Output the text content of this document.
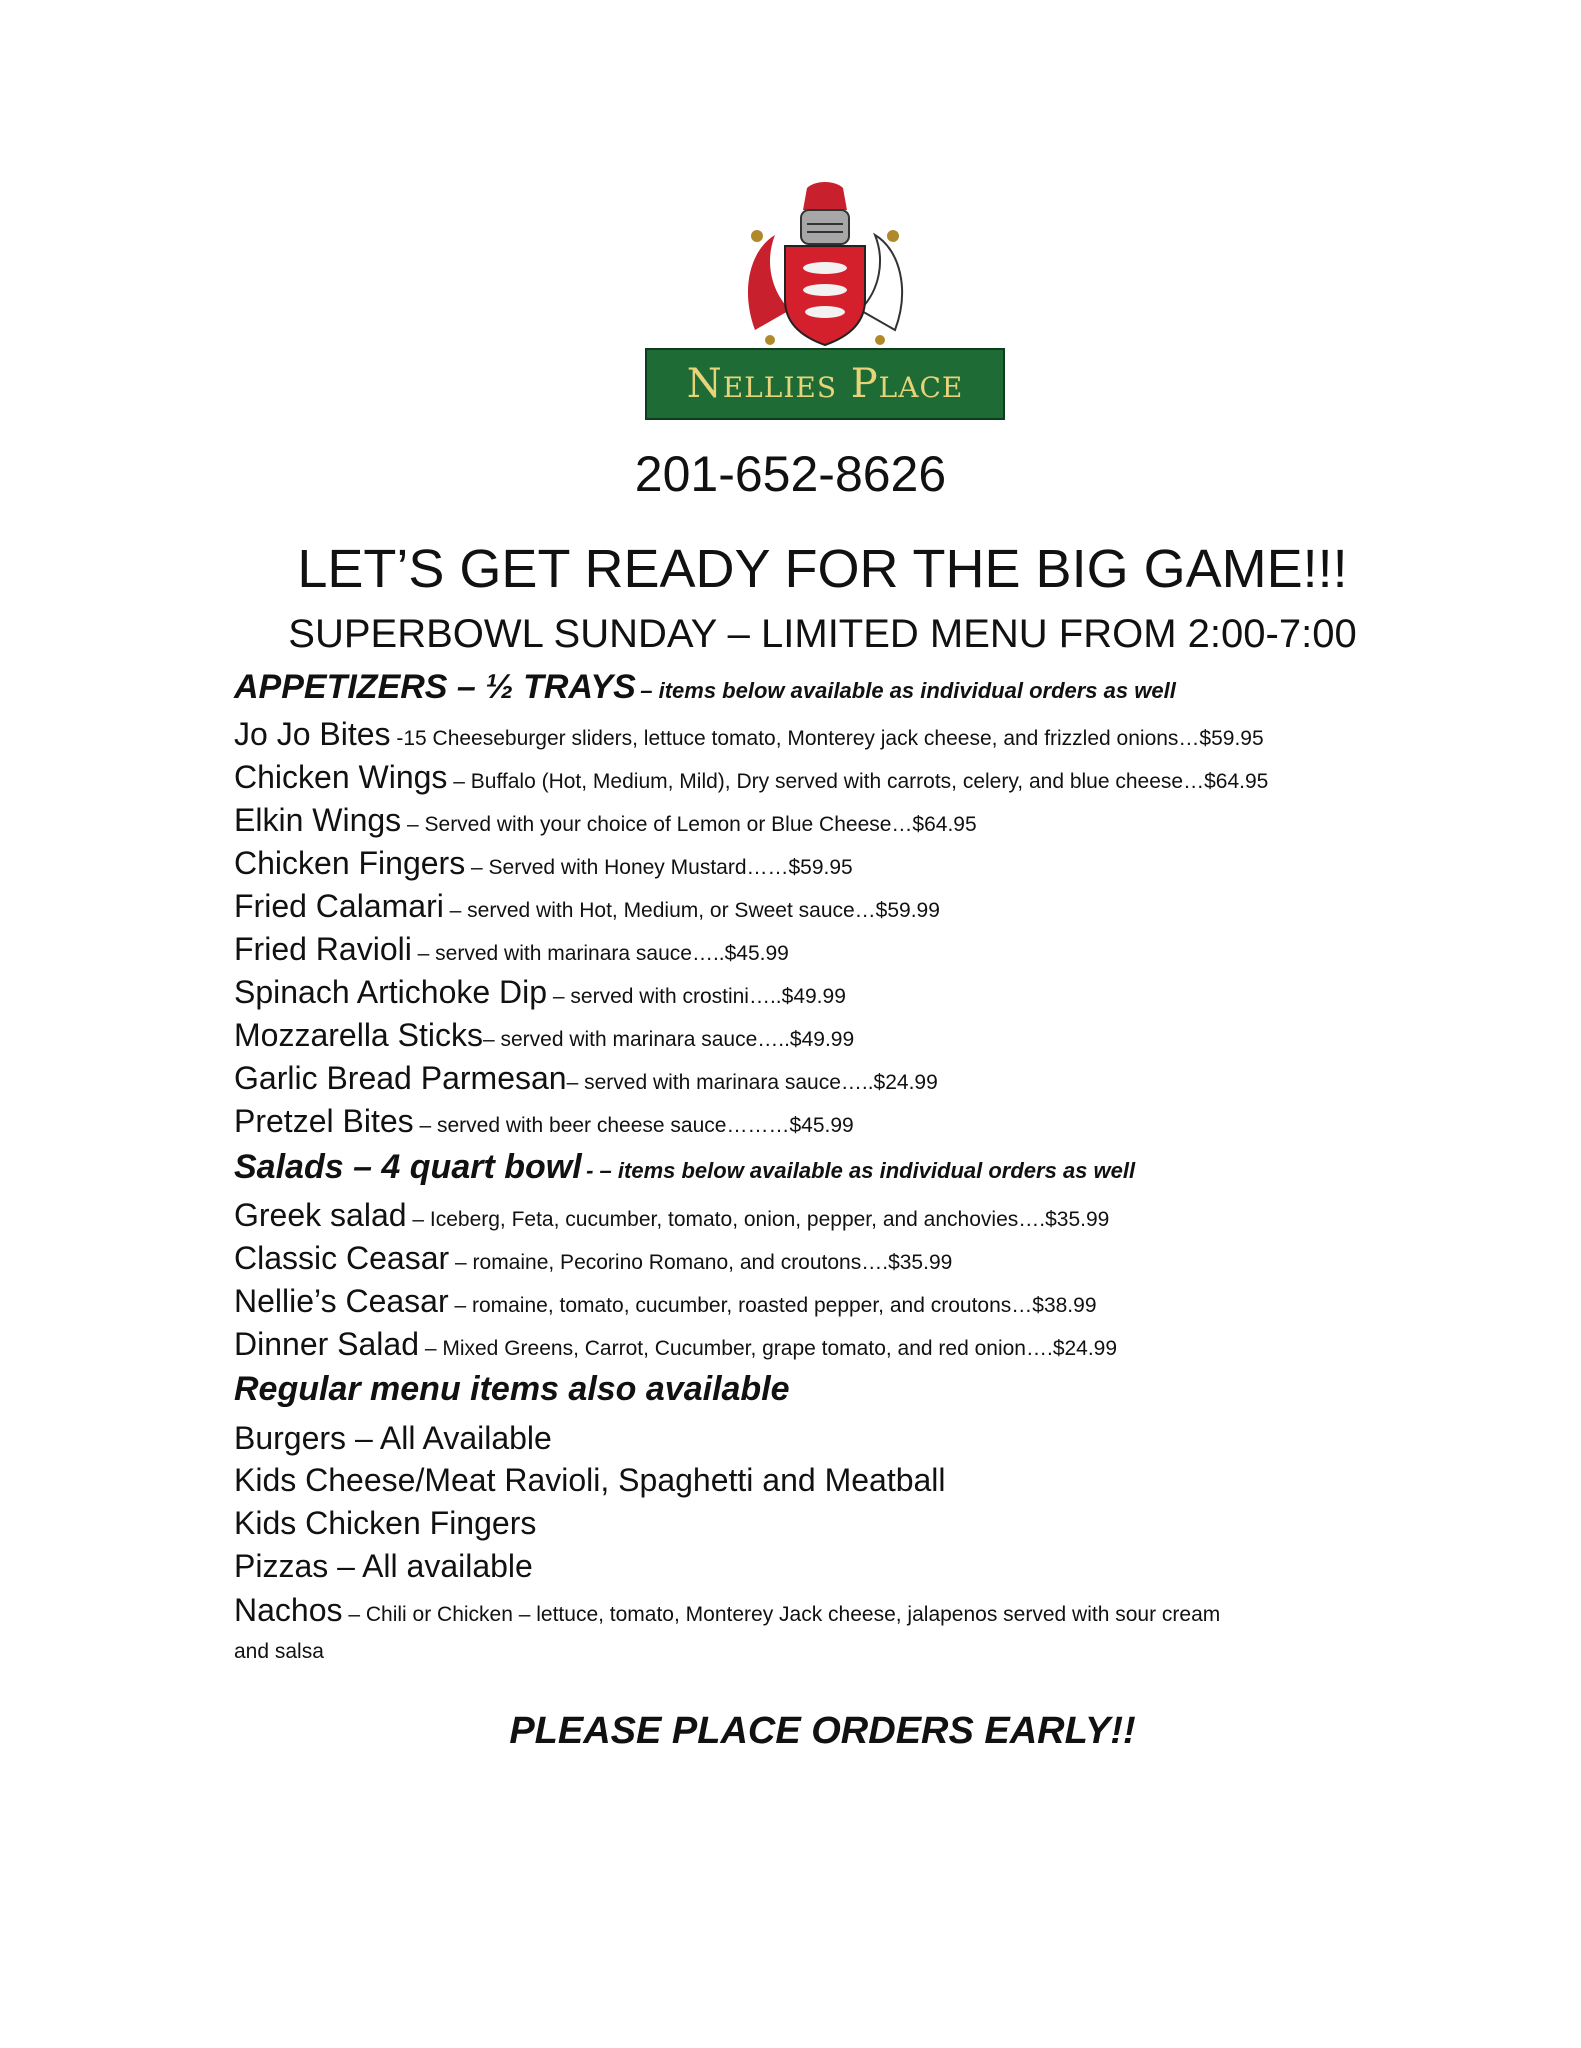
Nellies Place
201-652-8626
LET’S GET READY FOR THE BIG GAME!!!
SUPERBOWL SUNDAY – LIMITED MENU FROM 2:00-7:00
APPETIZERS – ½ TRAYS – items below available as individual orders as well
Jo Jo Bites -15 Cheeseburger sliders, lettuce tomato, Monterey jack cheese, and frizzled onions…$59.95
Chicken Wings – Buffalo (Hot, Medium, Mild), Dry served with carrots, celery, and blue cheese…$64.95
Elkin Wings – Served with your choice of Lemon or Blue Cheese…$64.95
Chicken Fingers – Served with Honey Mustard……$59.95
Fried Calamari – served with Hot, Medium, or Sweet sauce…$59.99
Fried Ravioli – served with marinara sauce…..$45.99
Spinach Artichoke Dip – served with crostini…..$49.99
Mozzarella Sticks– served with marinara sauce…..$49.99
Garlic Bread Parmesan– served with marinara sauce…..$24.99
Pretzel Bites – served with beer cheese sauce………$45.99
Salads – 4 quart bowl - – items below available as individual orders as well
Greek salad – Iceberg, Feta, cucumber, tomato, onion, pepper, and anchovies….$35.99
Classic Ceasar – romaine, Pecorino Romano, and croutons….$35.99
Nellie’s Ceasar – romaine, tomato, cucumber, roasted pepper, and croutons…$38.99
Dinner Salad – Mixed Greens, Carrot, Cucumber, grape tomato, and red onion….$24.99
Regular menu items also available
Burgers – All Available
Kids Cheese/Meat Ravioli, Spaghetti and Meatball
Kids Chicken Fingers
Pizzas – All available
Nachos – Chili or Chicken – lettuce, tomato, Monterey Jack cheese, jalapenos served with sour cream
and salsa
PLEASE PLACE ORDERS EARLY!!
